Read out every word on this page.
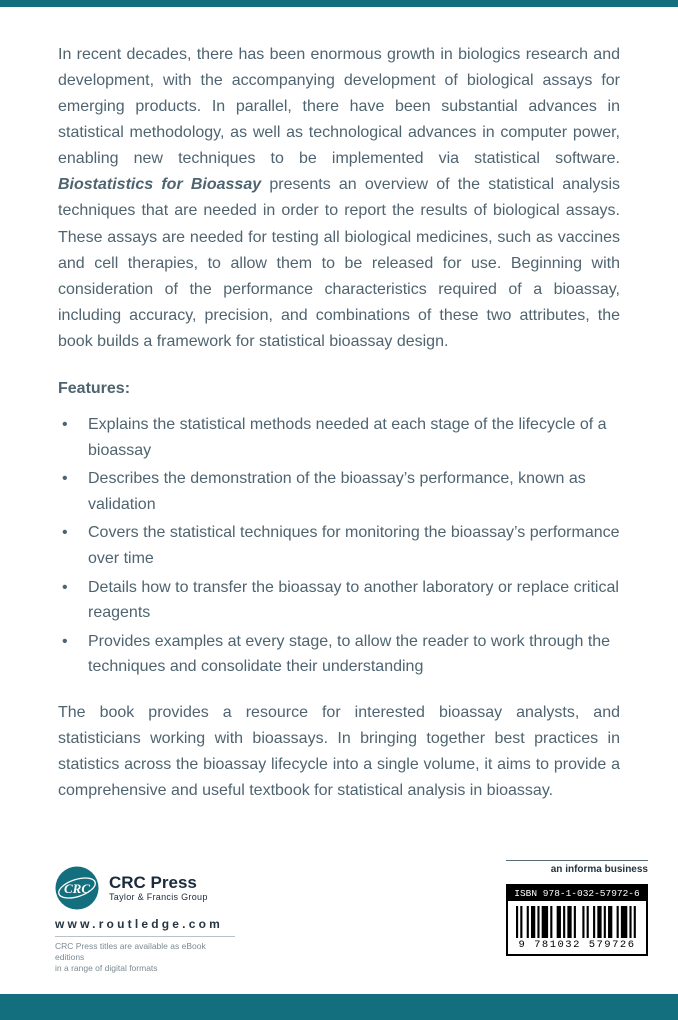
In recent decades, there has been enormous growth in biologics research and development, with the accompanying development of biological assays for emerging products. In parallel, there have been substantial advances in statistical methodology, as well as technological advances in computer power, enabling new techniques to be implemented via statistical software. Biostatistics for Bioassay presents an overview of the statistical analysis techniques that are needed in order to report the results of biological assays. These assays are needed for testing all biological medicines, such as vaccines and cell therapies, to allow them to be released for use. Beginning with consideration of the performance characteristics required of a bioassay, including accuracy, precision, and combinations of these two attributes, the book builds a framework for statistical bioassay design.

Features:

• Explains the statistical methods needed at each stage of the lifecycle of a bioassay
• Describes the demonstration of the bioassay’s performance, known as validation
• Covers the statistical techniques for monitoring the bioassay’s performance over time
• Details how to transfer the bioassay to another laboratory or replace critical reagents
• Provides examples at every stage, to allow the reader to work through the techniques and consolidate their understanding

The book provides a resource for interested bioassay analysts, and statisticians working with bioassays. In bringing together best practices in statistics across the bioassay lifecycle into a single volume, it aims to provide a comprehensive and useful textbook for statistical analysis in bioassay.

CRC CRC Press
Taylor & Francis Group
www.routledge.com
CRC Press titles are available as eBook editions
in a range of digital formats
an informa business
ISBN 978-1-032-57972-6
9 781032 579726
